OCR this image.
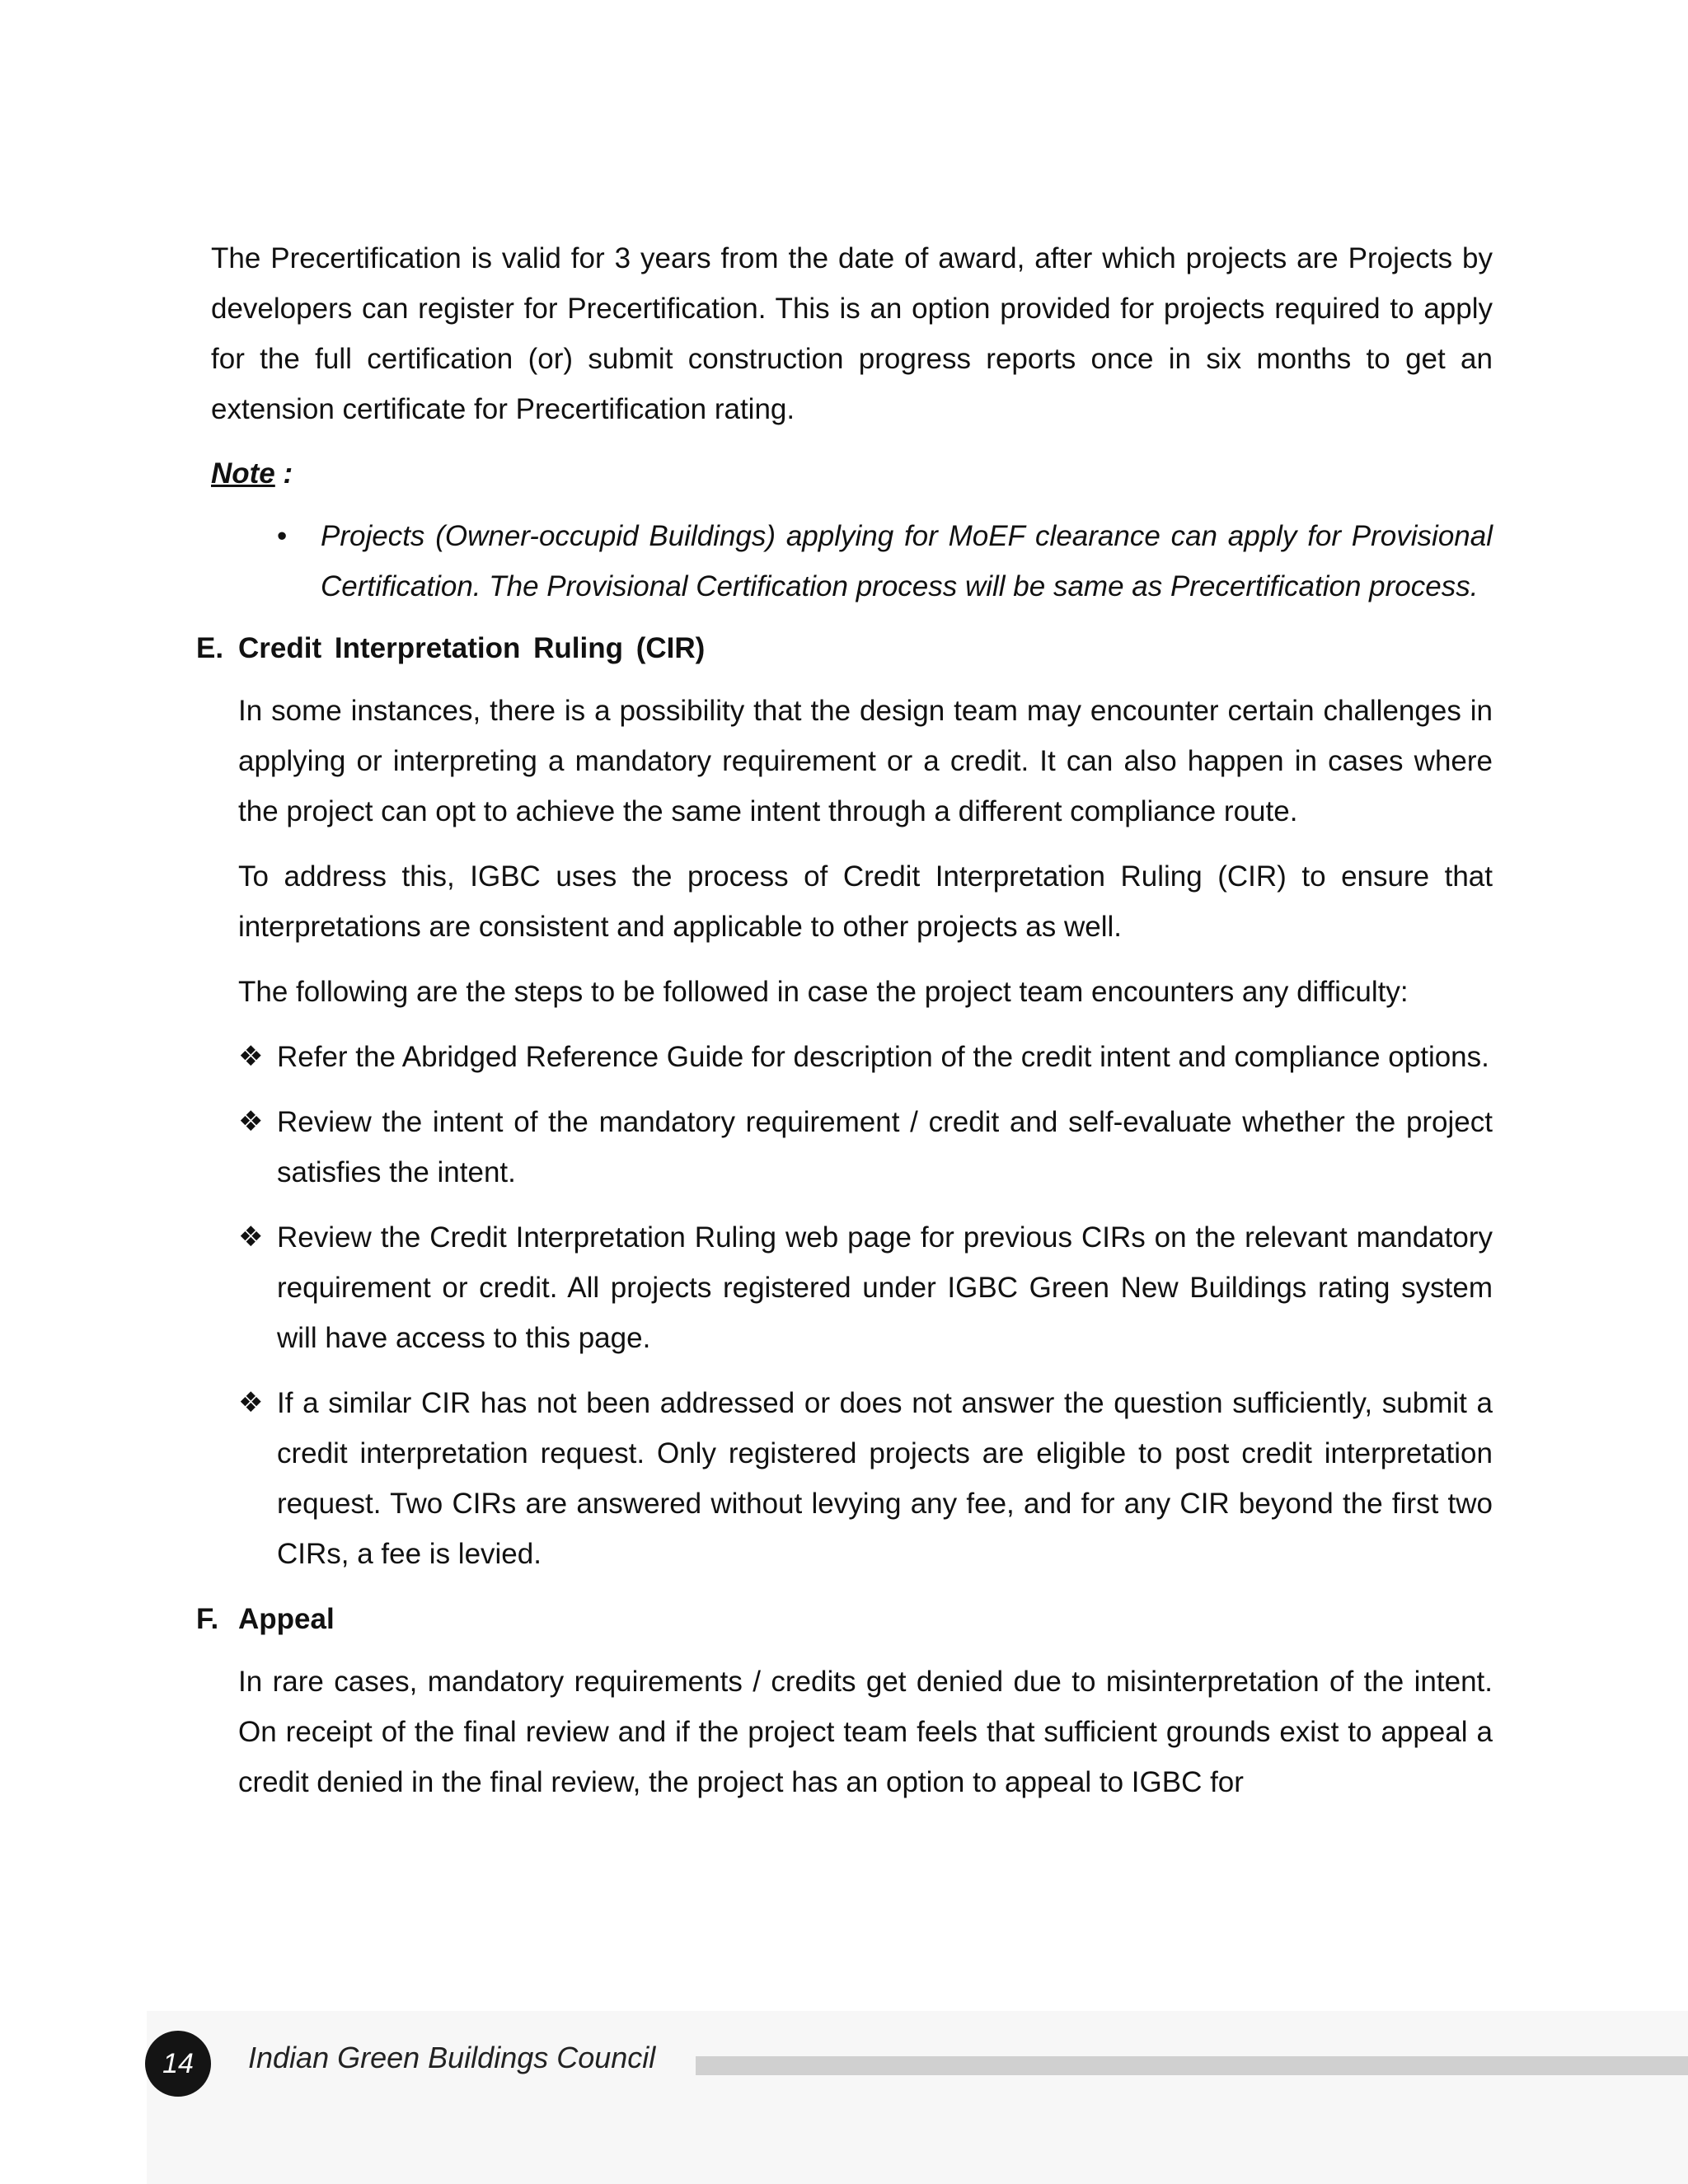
The Precertification is valid for 3 years from the date of award, after which projects are Projects by developers can register for Precertification. This is an option provided for projects required to apply for the full certification (or) submit construction progress reports once in six months to get an extension certificate for Precertification rating.

Note :
• Projects (Owner-occupid Buildings) applying for MoEF clearance can apply for Provisional Certification. The Provisional Certification process will be same as Precertification process.
E. Credit Interpretation Ruling (CIR)

In some instances, there is a possibility that the design team may encounter certain challenges in applying or interpreting a mandatory requirement or a credit. It can also happen in cases where the project can opt to achieve the same intent through a different compliance route.

To address this, IGBC uses the process of Credit Interpretation Ruling (CIR) to ensure that interpretations are consistent and applicable to other projects as well.

The following are the steps to be followed in case the project team encounters any difficulty:

❖ Refer the Abridged Reference Guide for description of the credit intent and compliance options.
❖ Review the intent of the mandatory requirement / credit and self-evaluate whether the project satisfies the intent.
❖ Review the Credit Interpretation Ruling web page for previous CIRs on the relevant mandatory requirement or credit. All projects registered under IGBC Green New Buildings rating system will have access to this page.
❖ If a similar CIR has not been addressed or does not answer the question sufficiently, submit a credit interpretation request. Only registered projects are eligible to post credit interpretation request. Two CIRs are answered without levying any fee, and for any CIR beyond the first two CIRs, a fee is levied.
F. Appeal

In rare cases, mandatory requirements / credits get denied due to misinterpretation of the intent. On receipt of the final review and if the project team feels that sufficient grounds exist to appeal a credit denied in the final review, the project has an option to appeal to IGBC for

14 Indian Green Buildings Council
